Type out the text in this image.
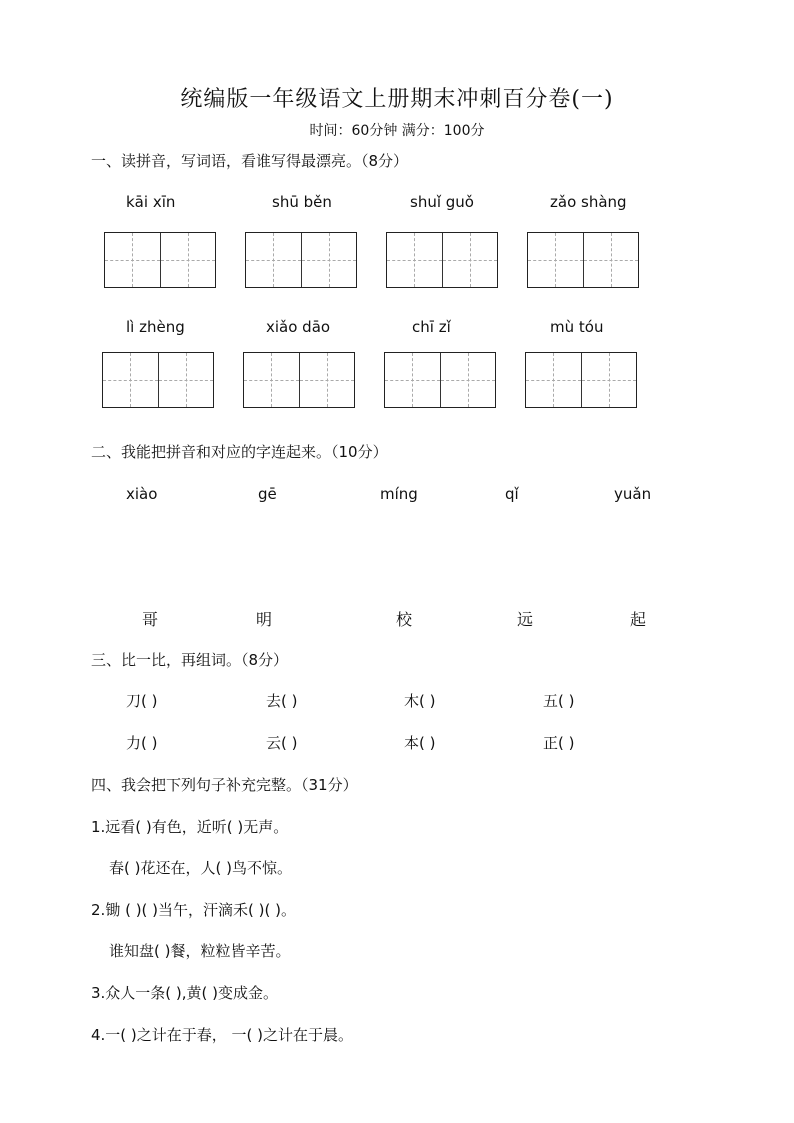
统编版一年级语文上册期末冲刺百分卷(一)
时间：60分钟 满分：100分
一、读拼音，写词语，看谁写得最漂亮。（8分）
kāi xīn	shū běn	shuǐ guǒ	zǎo shàng
lì zhèng	xiǎo dāo	chī zǐ	mù tóu
二、我能把拼音和对应的字连起来。（10分）
xiào	gē	míng	qǐ	yuǎn
哥	明	校	远	起
三、比一比，再组词。（8分）
刀( )	去( )	木( )	五( )
力( )	云( )	本( )	正( )
四、我会把下列句子补充完整。（31分）
1.远看( )有色，近听( )无声。
春( )花还在，人( )鸟不惊。
2.锄 ( )( )当午，汗滴禾( )( )。
谁知盘( )餐，粒粒皆辛苦。
3.众人一条( ),黄( )变成金。
4.一( )之计在于春， 一( )之计在于晨。
